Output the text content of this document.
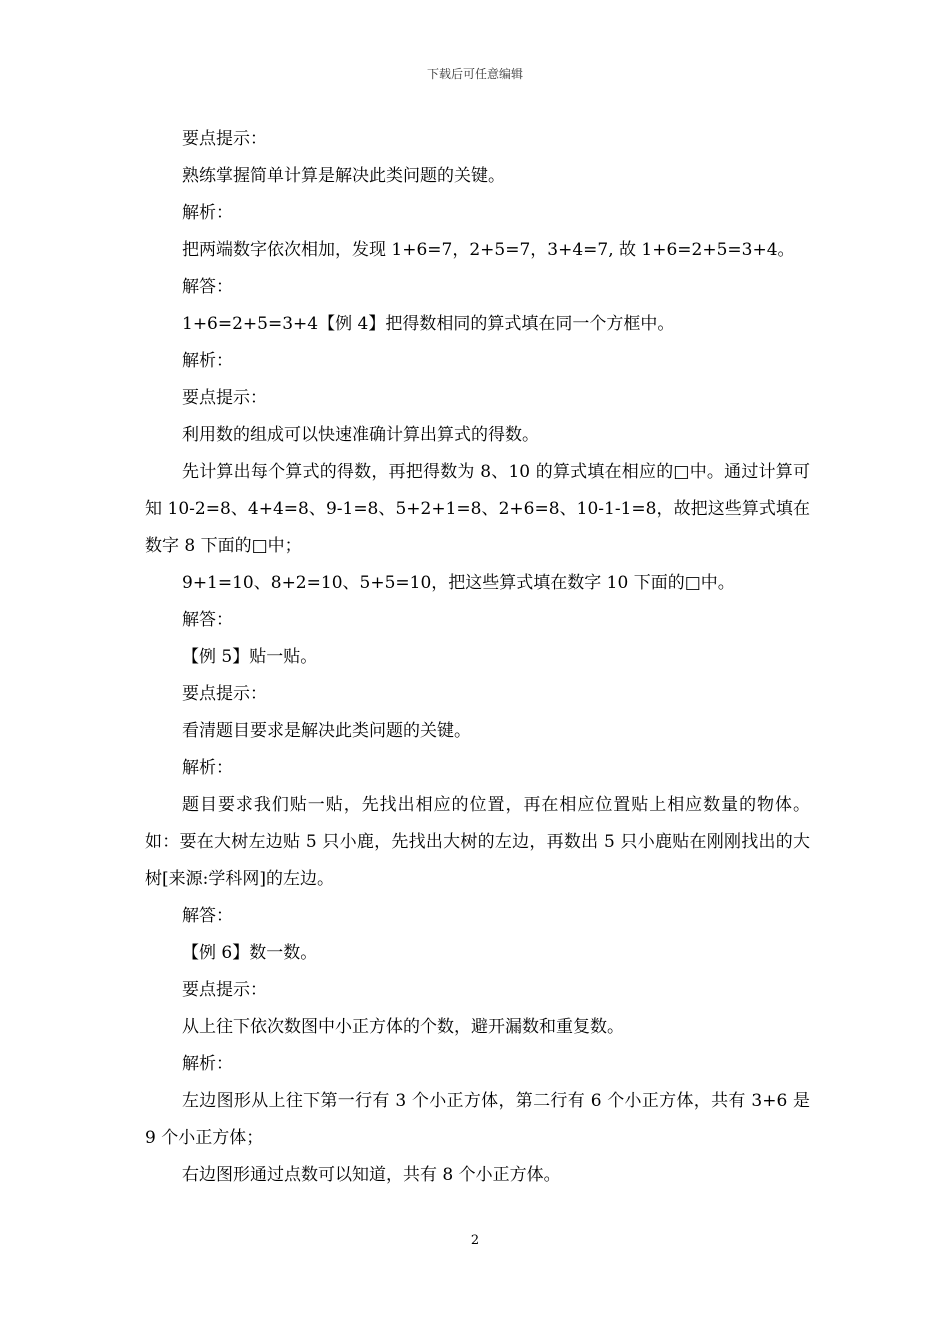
下载后可任意编辑

要点提示：

熟练掌握简单计算是解决此类问题的关键。

解析：

把两端数字依次相加，发现 1+6=7，2+5=7，3+4=7, 故 1+6=2+5=3+4。

解答：

1+6=2+5=3+4【例 4】把得数相同的算式填在同一个方框中。

解析：

要点提示：

利用数的组成可以快速准确计算出算式的得数。

先计算出每个算式的得数，再把得数为 8、10 的算式填在相应的□中。通过计算可知 10-2=8、4+4=8、9-1=8、5+2+1=8、2+6=8、10-1-1=8，故把这些算式填在数字 8 下面的□中；

9+1=10、8+2=10、5+5=10，把这些算式填在数字 10 下面的□中。

解答：

【例 5】贴一贴。

要点提示：

看清题目要求是解决此类问题的关键。

解析：

题目要求我们贴一贴，先找出相应的位置，再在相应位置贴上相应数量的物体。如：要在大树左边贴 5 只小鹿，先找出大树的左边，再数出 5 只小鹿贴在刚刚找出的大树[来源:学科网]的左边。

解答：

【例 6】数一数。

要点提示：

从上往下依次数图中小正方体的个数，避开漏数和重复数。

解析：

左边图形从上往下第一行有 3 个小正方体，第二行有 6 个小正方体，共有 3+6 是 9 个小正方体；

右边图形通过点数可以知道，共有 8 个小正方体。

2
